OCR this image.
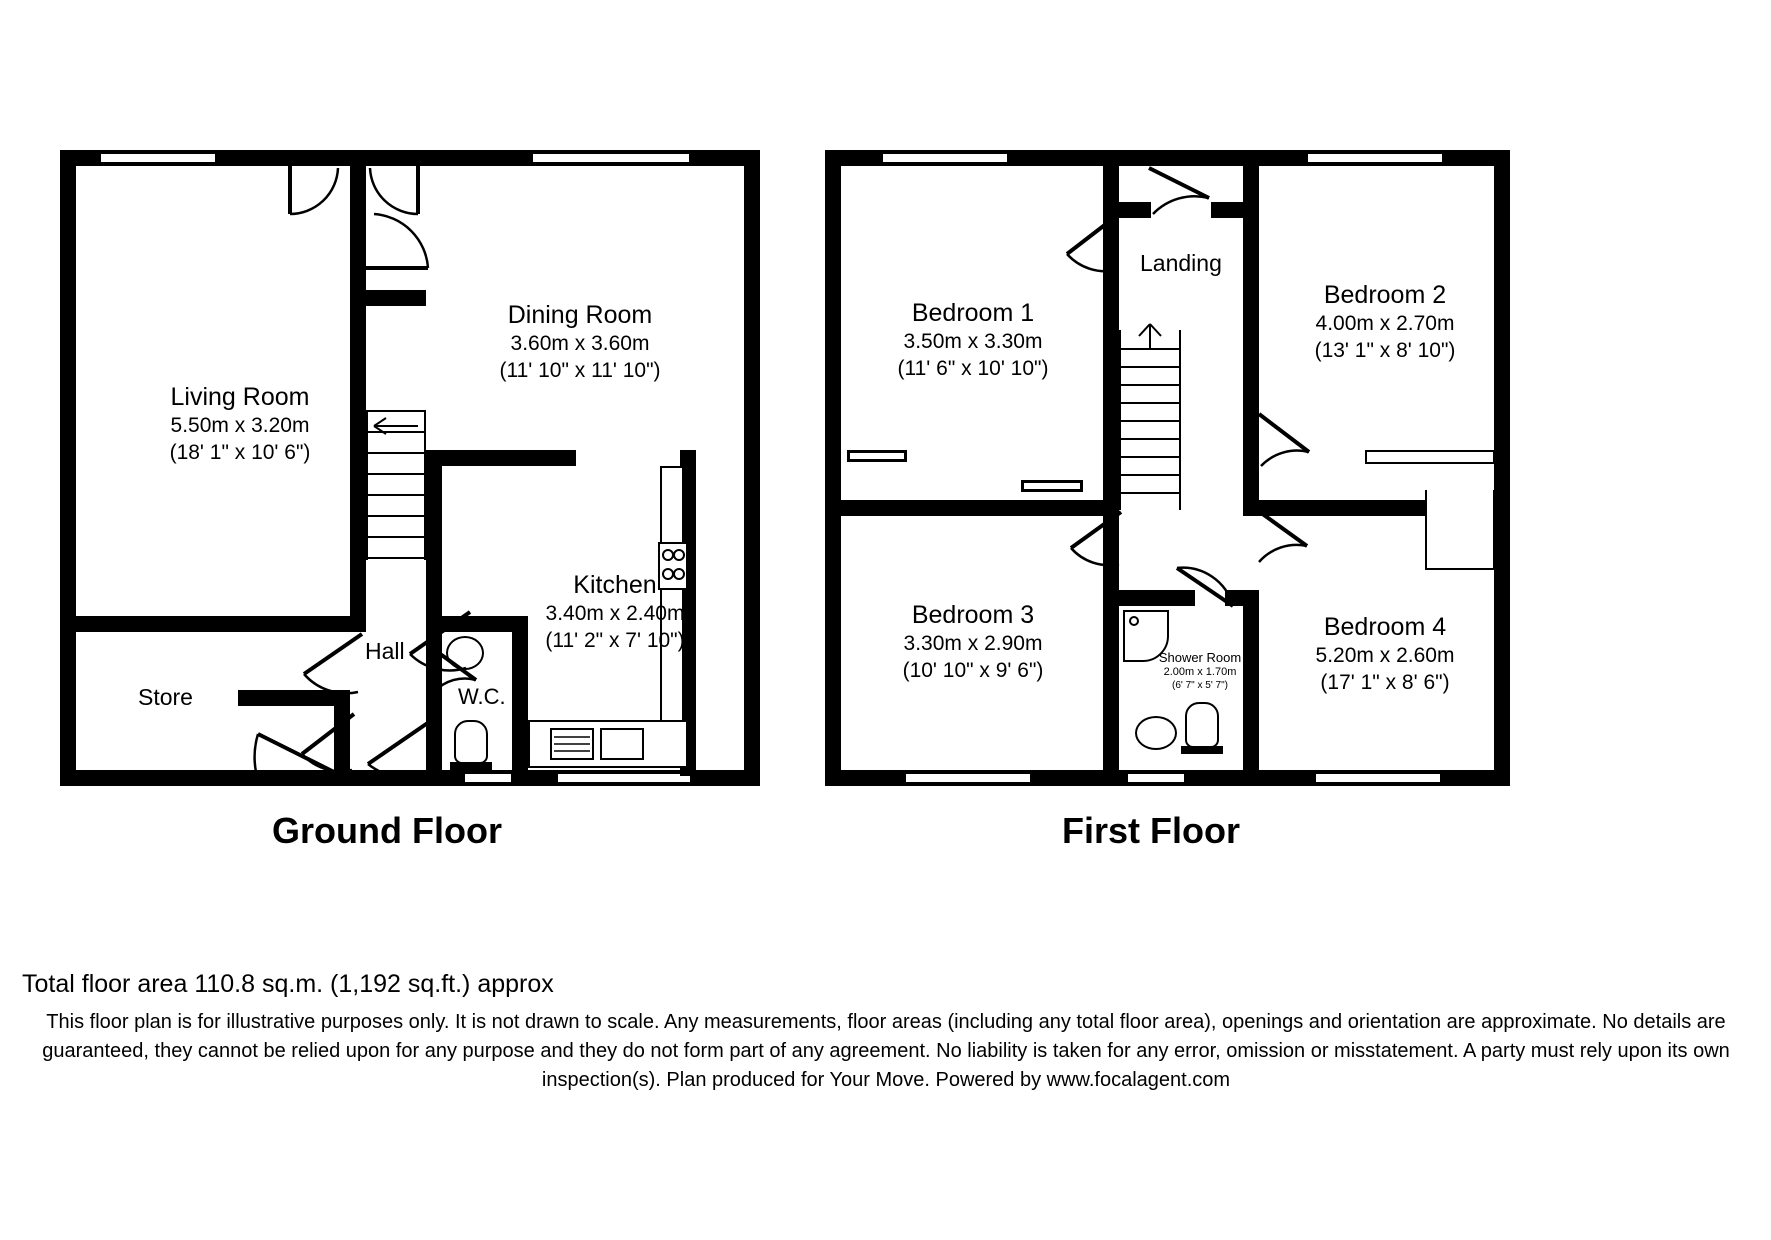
Living Room
5.50m x 3.20m
(18' 1" x 10' 6")
Dining Room
3.60m x 3.60m
(11' 10" x 11' 10")
Kitchen
3.40m x 2.40m
(11' 2" x 7' 10")
Hall
Store	W.C.
Ground Floor
Landing
Bedroom 1
3.50m x 3.30m
(11' 6" x 10' 10")
Bedroom 2
4.00m x 2.70m
(13' 1" x 8' 10")
Bedroom 3
3.30m x 2.90m
(10' 10" x 9' 6")
Bedroom 4
5.20m x 2.60m
(17' 1" x 8' 6")
Shower Room
2.00m x 1.70m
(6' 7" x 5' 7")
First Floor
Total floor area 110.8 sq.m. (1,192 sq.ft.) approx
This floor plan is for illustrative purposes only. It is not drawn to scale. Any measurements, floor areas (including any total floor area), openings and orientation are approximate. No details are guaranteed, they cannot be relied upon for any purpose and they do not form part of any agreement. No liability is taken for any error, omission or misstatement. A party must rely upon its own inspection(s). Plan produced for Your Move. Powered by www.focalagent.com
